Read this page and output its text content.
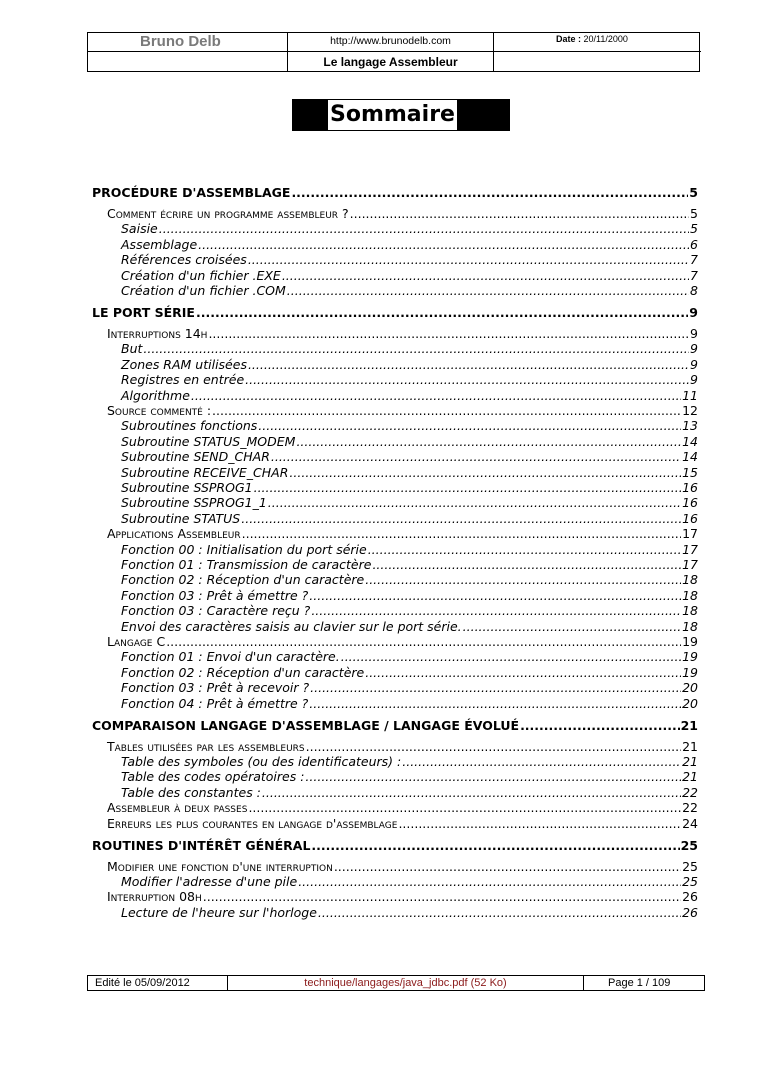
Bruno Delb	http://www.brunodelb.com	Date : 20/11/2000
Le langage Assembleur
Sommaire
PROCÉDURE D'ASSEMBLAGE .....	5
Comment écrire un programme assembleur ? .....	5
Saisie .....	5
Assemblage .....	6
Références croisées .....	7
Création d'un fichier .EXE .....	7
Création d'un fichier .COM .....	8
LE PORT SÉRIE .....	9
Interruptions 14h .....	9
But .....	9
Zones RAM utilisées .....	9
Registres en entrée .....	9
Algorithme .....	11
Source commenté : .....	12
Subroutines fonctions .....	13
Subroutine STATUS_MODEM .....	14
Subroutine SEND_CHAR .....	14
Subroutine RECEIVE_CHAR .....	15
Subroutine SSPROG1 .....	16
Subroutine SSPROG1_1 .....	16
Subroutine STATUS .....	16
Applications Assembleur .....	17
Fonction 00 : Initialisation du port série .....	17
Fonction 01 : Transmission de caractère .....	17
Fonction 02 : Réception d'un caractère .....	18
Fonction 03 : Prêt à émettre ? .....	18
Fonction 03 : Caractère reçu ? .....	18
Envoi des caractères saisis au clavier sur le port série. .....	18
Langage C .....	19
Fonction 01 : Envoi d'un caractère. .....	19
Fonction 02 : Réception d'un caractère .....	19
Fonction 03 : Prêt à recevoir ? .....	20
Fonction 04 : Prêt à émettre ? .....	20
COMPARAISON LANGAGE D'ASSEMBLAGE / LANGAGE ÉVOLUÉ .....	21
Tables utilisées par les assembleurs .....	21
Table des symboles (ou des identificateurs) : .....	21
Table des codes opératoires : .....	21
Table des constantes : .....	22
Assembleur à deux passes .....	22
Erreurs les plus courantes en langage d'assemblage .....	24
ROUTINES D'INTÉRÊT GÉNÉRAL .....	25
Modifier une fonction d'une interruption .....	25
Modifier l'adresse d'une pile .....	25
Interruption 08h .....	26
Lecture de l'heure sur l'horloge .....	26
Edité le 05/09/2012	technique/langages/java_jdbc.pdf (52 Ko)	Page 1 / 109
